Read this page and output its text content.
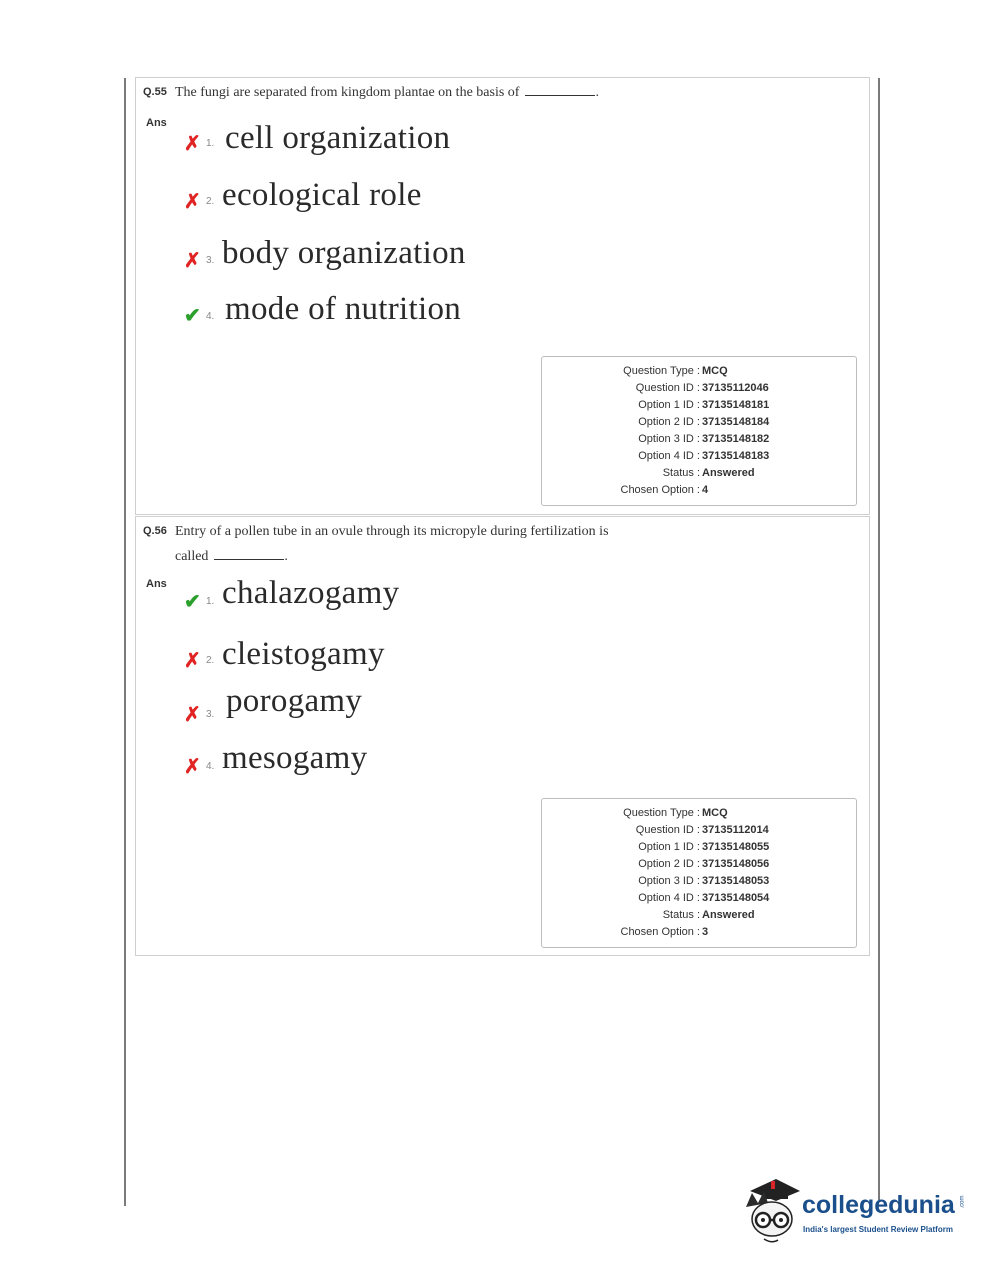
Q.55 The fungi are separated from kingdom plantae on the basis of	.
Ans
✗ 1. cell organization
✗ 2. ecological role
✗ 3. body organization
✔ 4. mode of nutrition
Question Type : MCQ
Question ID : 37135112046
Option 1 ID : 37135148181
Option 2 ID : 37135148184
Option 3 ID : 37135148182
Option 4 ID : 37135148183
Status : Answered
Chosen Option : 4
Q.56 Entry of a pollen tube in an ovule through its micropyle during fertilization is
called	.
Ans
✔ 1. chalazogamy
✗ 2. cleistogamy
✗ 3. porogamy
✗ 4. mesogamy
Question Type : MCQ
Question ID : 37135112014
Option 1 ID : 37135148055
Option 2 ID : 37135148056
Option 3 ID : 37135148053
Option 4 ID : 37135148054
Status : Answered
Chosen Option : 3
collegedunia .com
India's largest Student Review Platform
